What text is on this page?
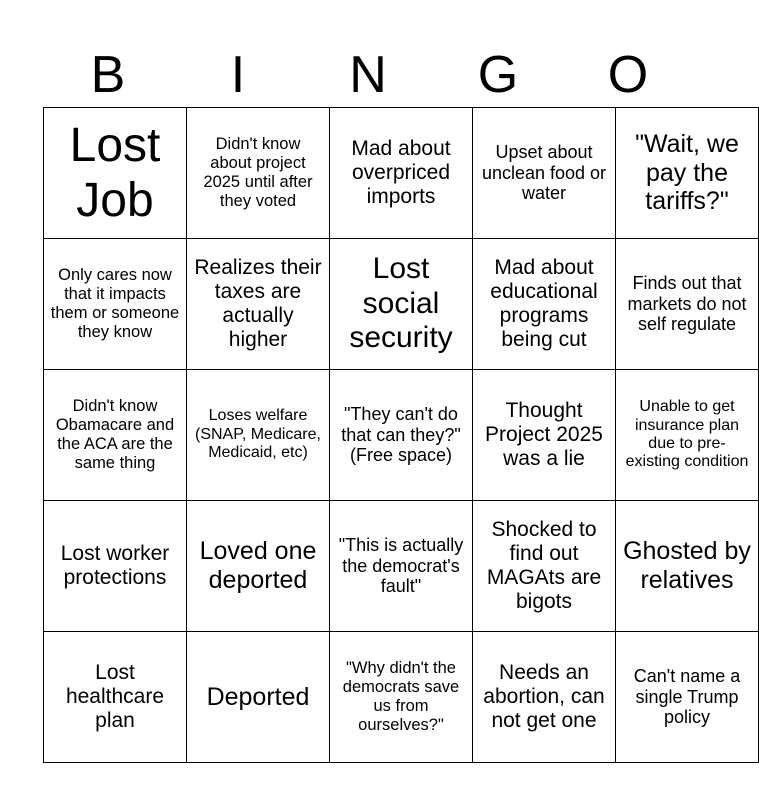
B	I	N	G	O
Lost Job	Didn't know about project 2025 until after they voted	Mad about overpriced imports	Upset about unclean food or water	"Wait, we pay the tariffs?"
Only cares now that it impacts them or someone they know	Realizes their taxes are actually higher	Lost social security	Mad about educational programs being cut	Finds out that markets do not self regulate
Didn't know Obamacare and the ACA are the same thing	Loses welfare (SNAP, Medicare, Medicaid, etc)	"They can't do that can they?" (Free space)	Thought Project 2025 was a lie	Unable to get insurance plan due to pre-existing condition
Lost worker protections	Loved one deported	"This is actually the democrat's fault"	Shocked to find out MAGAts are bigots	Ghosted by relatives
Lost healthcare plan	Deported	"Why didn't the democrats save us from ourselves?"	Needs an abortion, can not get one	Can't name a single Trump policy
